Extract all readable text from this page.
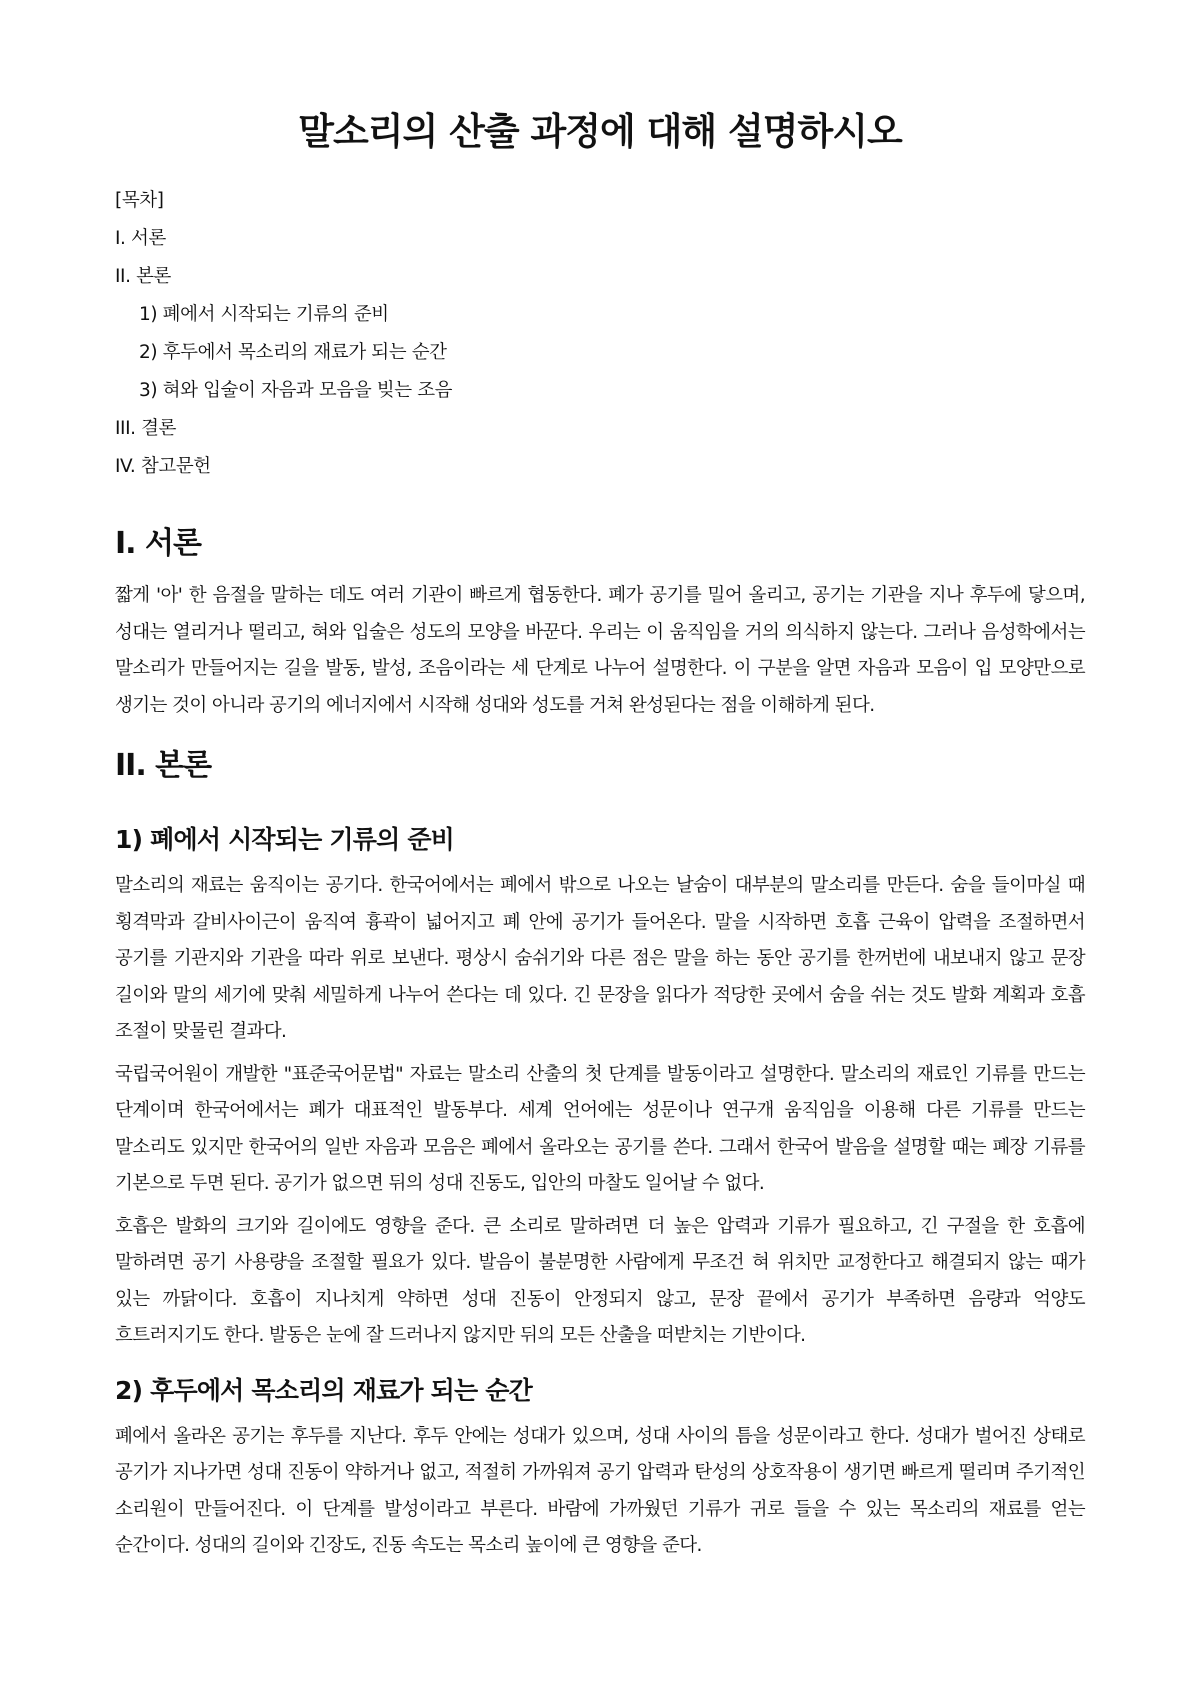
말소리의 산출 과정에 대해 설명하시오
[목차]
I. 서론
II. 본론
1) 폐에서 시작되는 기류의 준비
2) 후두에서 목소리의 재료가 되는 순간
3) 혀와 입술이 자음과 모음을 빚는 조음
III. 결론
IV. 참고문헌
I. 서론

짧게 '아' 한 음절을 말하는 데도 여러 기관이 빠르게 협동한다. 폐가 공기를 밀어 올리고, 공기는 기관을 지나 후두에 닿으며, 성대는 열리거나 떨리고, 혀와 입술은 성도의 모양을 바꾼다. 우리는 이 움직임을 거의 의식하지 않는다. 그러나 음성학에서는 말소리가 만들어지는 길을 발동, 발성, 조음이라는 세 단계로 나누어 설명한다. 이 구분을 알면 자음과 모음이 입 모양만으로 생기는 것이 아니라 공기의 에너지에서 시작해 성대와 성도를 거쳐 완성된다는 점을 이해하게 된다.

II. 본론
1) 폐에서 시작되는 기류의 준비

말소리의 재료는 움직이는 공기다. 한국어에서는 폐에서 밖으로 나오는 날숨이 대부분의 말소리를 만든다. 숨을 들이마실 때 횡격막과 갈비사이근이 움직여 흉곽이 넓어지고 폐 안에 공기가 들어온다. 말을 시작하면 호흡 근육이 압력을 조절하면서 공기를 기관지와 기관을 따라 위로 보낸다. 평상시 숨쉬기와 다른 점은 말을 하는 동안 공기를 한꺼번에 내보내지 않고 문장 길이와 말의 세기에 맞춰 세밀하게 나누어 쓴다는 데 있다. 긴 문장을 읽다가 적당한 곳에서 숨을 쉬는 것도 발화 계획과 호흡 조절이 맞물린 결과다.

국립국어원이 개발한 "표준국어문법" 자료는 말소리 산출의 첫 단계를 발동이라고 설명한다. 말소리의 재료인 기류를 만드는 단계이며 한국어에서는 폐가 대표적인 발동부다. 세계 언어에는 성문이나 연구개 움직임을 이용해 다른 기류를 만드는 말소리도 있지만 한국어의 일반 자음과 모음은 폐에서 올라오는 공기를 쓴다. 그래서 한국어 발음을 설명할 때는 폐장 기류를 기본으로 두면 된다. 공기가 없으면 뒤의 성대 진동도, 입안의 마찰도 일어날 수 없다.

호흡은 발화의 크기와 길이에도 영향을 준다. 큰 소리로 말하려면 더 높은 압력과 기류가 필요하고, 긴 구절을 한 호흡에 말하려면 공기 사용량을 조절할 필요가 있다. 발음이 불분명한 사람에게 무조건 혀 위치만 교정한다고 해결되지 않는 때가 있는 까닭이다. 호흡이 지나치게 약하면 성대 진동이 안정되지 않고, 문장 끝에서 공기가 부족하면 음량과 억양도 흐트러지기도 한다. 발동은 눈에 잘 드러나지 않지만 뒤의 모든 산출을 떠받치는 기반이다.

2) 후두에서 목소리의 재료가 되는 순간

폐에서 올라온 공기는 후두를 지난다. 후두 안에는 성대가 있으며, 성대 사이의 틈을 성문이라고 한다. 성대가 벌어진 상태로 공기가 지나가면 성대 진동이 약하거나 없고, 적절히 가까워져 공기 압력과 탄성의 상호작용이 생기면 빠르게 떨리며 주기적인 소리원이 만들어진다. 이 단계를 발성이라고 부른다. 바람에 가까웠던 기류가 귀로 들을 수 있는 목소리의 재료를 얻는 순간이다. 성대의 길이와 긴장도, 진동 속도는 목소리 높이에 큰 영향을 준다.
